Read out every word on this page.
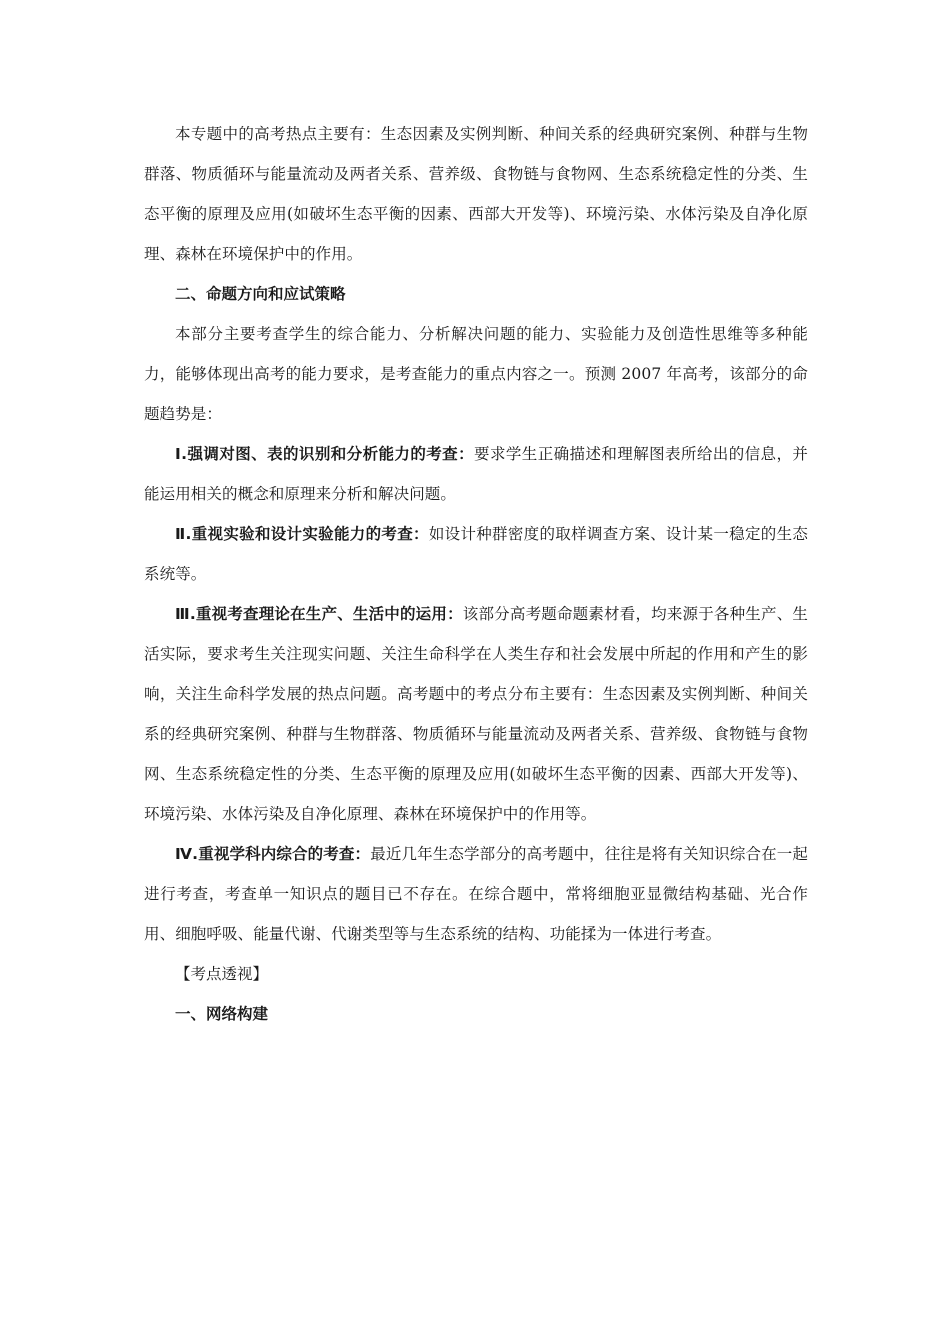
本专题中的高考热点主要有：生态因素及实例判断、种间关系的经典研究案例、种群与生物群落、物质循环与能量流动及两者关系、营养级、食物链与食物网、生态系统稳定性的分类、生态平衡的原理及应用(如破坏生态平衡的因素、西部大开发等)、环境污染、水体污染及自净化原理、森林在环境保护中的作用。

二、命题方向和应试策略

本部分主要考查学生的综合能力、分析解决问题的能力、实验能力及创造性思维等多种能力，能够体现出高考的能力要求，是考查能力的重点内容之一。预测 2007 年高考，该部分的命题趋势是：

Ⅰ.强调对图、表的识别和分析能力的考查：要求学生正确描述和理解图表所给出的信息，并能运用相关的概念和原理来分析和解决问题。

Ⅱ.重视实验和设计实验能力的考查：如设计种群密度的取样调查方案、设计某一稳定的生态系统等。

Ⅲ.重视考查理论在生产、生活中的运用：该部分高考题命题素材看，均来源于各种生产、生活实际，要求考生关注现实问题、关注生命科学在人类生存和社会发展中所起的作用和产生的影响，关注生命科学发展的热点问题。高考题中的考点分布主要有：生态因素及实例判断、种间关系的经典研究案例、种群与生物群落、物质循环与能量流动及两者关系、营养级、食物链与食物网、生态系统稳定性的分类、生态平衡的原理及应用(如破坏生态平衡的因素、西部大开发等)、环境污染、水体污染及自净化原理、森林在环境保护中的作用等。

Ⅳ.重视学科内综合的考查：最近几年生态学部分的高考题中，往往是将有关知识综合在一起进行考查，考查单一知识点的题目已不存在。在综合题中，常将细胞亚显微结构基础、光合作用、细胞呼吸、能量代谢、代谢类型等与生态系统的结构、功能揉为一体进行考查。

【考点透视】

一、网络构建
